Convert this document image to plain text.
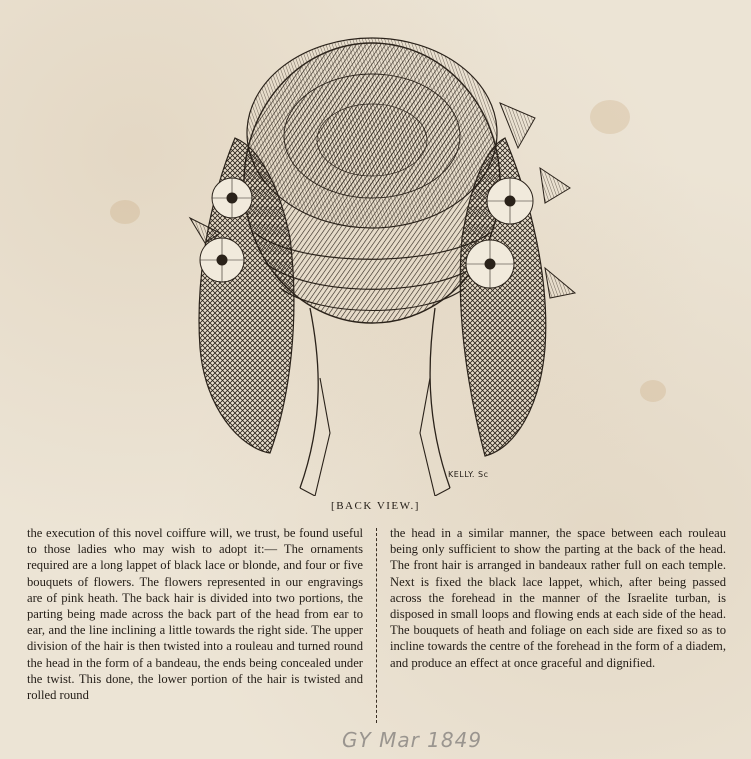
KELLY. Sc
[BACK VIEW.]

the execution of this novel coiffure will, we trust, be found useful to those ladies who may wish to adopt it:— The ornaments required are a long lappet of black lace or blonde, and four or five bouquets of flowers. The flowers represented in our engravings are of pink heath. The back hair is divided into two portions, the parting being made across the back part of the head from ear to ear, and the line inclining a little towards the right side. The upper division of the hair is then twisted into a rouleau and turned round the head in the form of a bandeau, the ends being concealed under the twist. This done, the lower portion of the hair is twisted and rolled round

the head in a similar manner, the space between each rouleau being only sufficient to show the parting at the back of the head. The front hair is arranged in bandeaux rather full on each temple. Next is fixed the black lace lappet, which, after being passed across the forehead in the manner of the Israelite turban, is disposed in small loops and flowing ends at each side of the head. The bouquets of heath and foliage on each side are fixed so as to incline towards the centre of the forehead in the form of a diadem, and produce an effect at once graceful and dignified.

GY Mar 1849
